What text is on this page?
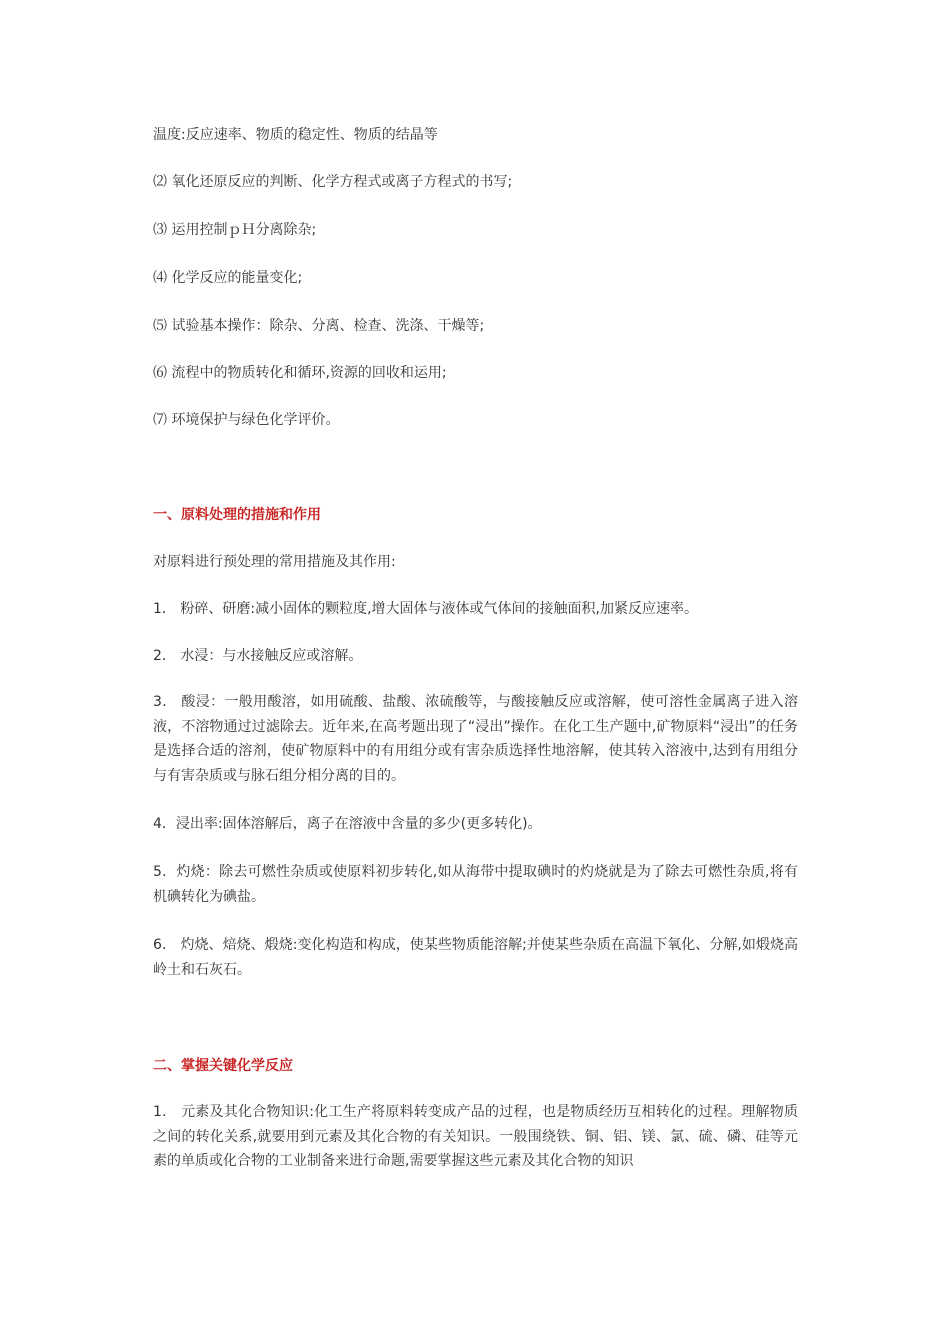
温度:反应速率、物质的稳定性、物质的结晶等
⑵ 氧化还原反应的判断、化学方程式或离子方程式的书写;
⑶ 运用控制ｐＨ分离除杂;
⑷ 化学反应的能量变化;
⑸ 试验基本操作：除杂、分离、检查、洗涤、干燥等;
⑹ 流程中的物质转化和循环,资源的回收和运用;
⑺ 环境保护与绿色化学评价。
一、原料处理的措施和作用
对原料进行预处理的常用措施及其作用:
1． 粉碎、研磨:减小固体的颗粒度,增大固体与液体或气体间的接触面积,加紧反应速率。
2． 水浸：与水接触反应或溶解。
3． 酸浸：一般用酸溶，如用硫酸、盐酸、浓硫酸等，与酸接触反应或溶解，使可溶性金属离子进入溶液，不溶物通过过滤除去。近年来,在高考题出现了“浸出”操作。在化工生产题中,矿物原料“浸出”的任务是选择合适的溶剂，使矿物原料中的有用组分或有害杂质选择性地溶解，使其转入溶液中,达到有用组分与有害杂质或与脉石组分相分离的目的。
4．浸出率:固体溶解后，离子在溶液中含量的多少(更多转化)。
5．灼烧：除去可燃性杂质或使原料初步转化,如从海带中提取碘时的灼烧就是为了除去可燃性杂质,将有机碘转化为碘盐。
6． 灼烧、焙烧、煅烧:变化构造和构成，使某些物质能溶解;并使某些杂质在高温下氧化、分解,如煅烧高岭土和石灰石。
二、掌握关键化学反应
1． 元素及其化合物知识:化工生产将原料转变成产品的过程，也是物质经历互相转化的过程。理解物质之间的转化关系,就要用到元素及其化合物的有关知识。一般围绕铁、铜、铝、镁、氯、硫、磷、硅等元素的单质或化合物的工业制备来进行命题,需要掌握这些元素及其化合物的知识
